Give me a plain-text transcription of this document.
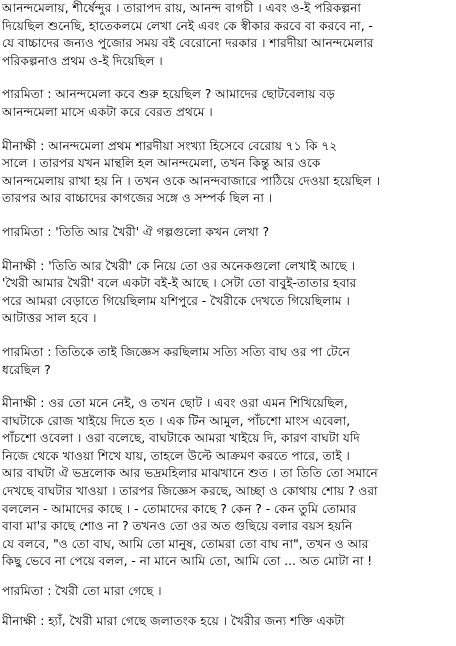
আনন্দমেলায়, শীর্ষেন্দুর । তারাপদ রায়, আনন্দ বাগচী । এবং ও-ই পরিকল্পনা
দিয়েছিল শুনেছি, হাতেকলমে লেখা নেই এবং কে স্বীকার করবে বা করবে না, -
যে বাচ্চাদের জন্যও পুজোর সময় বই বেরোনো দরকার । শারদীয়া আনন্দমেলার
পরিকল্পনাও প্রথম ও-ই দিয়েছিল ।
পারমিতা : আনন্দমেলা কবে শুরু হয়েছিল ? আমাদের ছোটবেলায় বড়
আনন্দমেলা মাসে একটা করে বেরত প্রথমে ।
মীনাক্ষী : আনন্দমেলা প্রথম শারদীয়া সংখ্যা হিসেবে বেরোয় ৭১ কি ৭২
সালে । তারপর যখন মান্থলি হল আনন্দমেলা, তখন কিন্তু আর ওকে
আনন্দমেলায় রাখা হয় নি । তখন ওকে আনন্দবাজারে পাঠিয়ে দেওয়া হয়েছিল ।
তারপর আর বাচ্চাদের কাগজের সঙ্গে ও সম্পর্ক ছিল না ।
পারমিতা : 'তিতি আর খৈরী' ঐ গল্পগুলো কখন লেখা ?
মীনাক্ষী : 'তিতি আর খৈরী' কে নিয়ে তো ওর অনেকগুলো লেখাই আছে ।
'খৈরী আমার খৈরী' বলে একটা বই-ই আছে । সেটা তো বাবুই-তাতার হবার
পরে আমরা বেড়াতে গিয়েছিলাম যশিপুরে - খৈরীকে দেখতে গিয়েছিলাম ।
আটাত্তর সাল হবে ।
পারমিতা : তিতিকে তাই জিজ্ঞেস করছিলাম সত্যি সত্যি বাঘ ওর পা টেনে
ধরেছিল ?
মীনাক্ষী : ওর তো মনে নেই, ও তখন ছোট । এবং ওরা এমন শিখিয়েছিল,
বাঘটাকে রোজ খাইয়ে দিতে হত । এক টিন আমুল, পাঁচশো মাংস এবেলা,
পাঁচশো ওবেলা । ওরা বলেছে, বাঘটাকে আমরা খাইয়ে দি, কারণ বাঘটা যদি
নিজে থেকে খাওয়া শিখে যায়, তাহলে উল্টে আক্রমণ করতে পারে, তাই ।
আর বাঘটা ঐ ভদ্রলোক আর ভদ্রমহিলার মাঝখানে শুত । তা তিতি তো সমানে
দেখছে বাঘটার খাওয়া । তারপর জিজ্ঞেস করছে, আচ্ছা ও কোথায় শোয় ? ওরা
বললেন - আমাদের কাছে । - তোমাদের কাছে ? কেন ? - কেন তুমি তোমার
বাবা মা'র কাছে শোও না ? তখনও তো ওর অত গুছিয়ে বলার বয়স হয়নি
যে বলবে, "ও তো বাঘ, আমি তো মানুষ, তোমরা তো বাঘ না", তখন ও আর
কিছু ভেবে না পেয়ে বলল, - না মানে আমি তো, আমি তো ... অত মোটা না !
পারমিতা : খৈরী তো মারা গেছে ।
মীনাক্ষী : হ্যাঁ, খৈরী মারা গেছে জলাতংক হয়ে । খৈরীর জন্য শক্তি একটা
